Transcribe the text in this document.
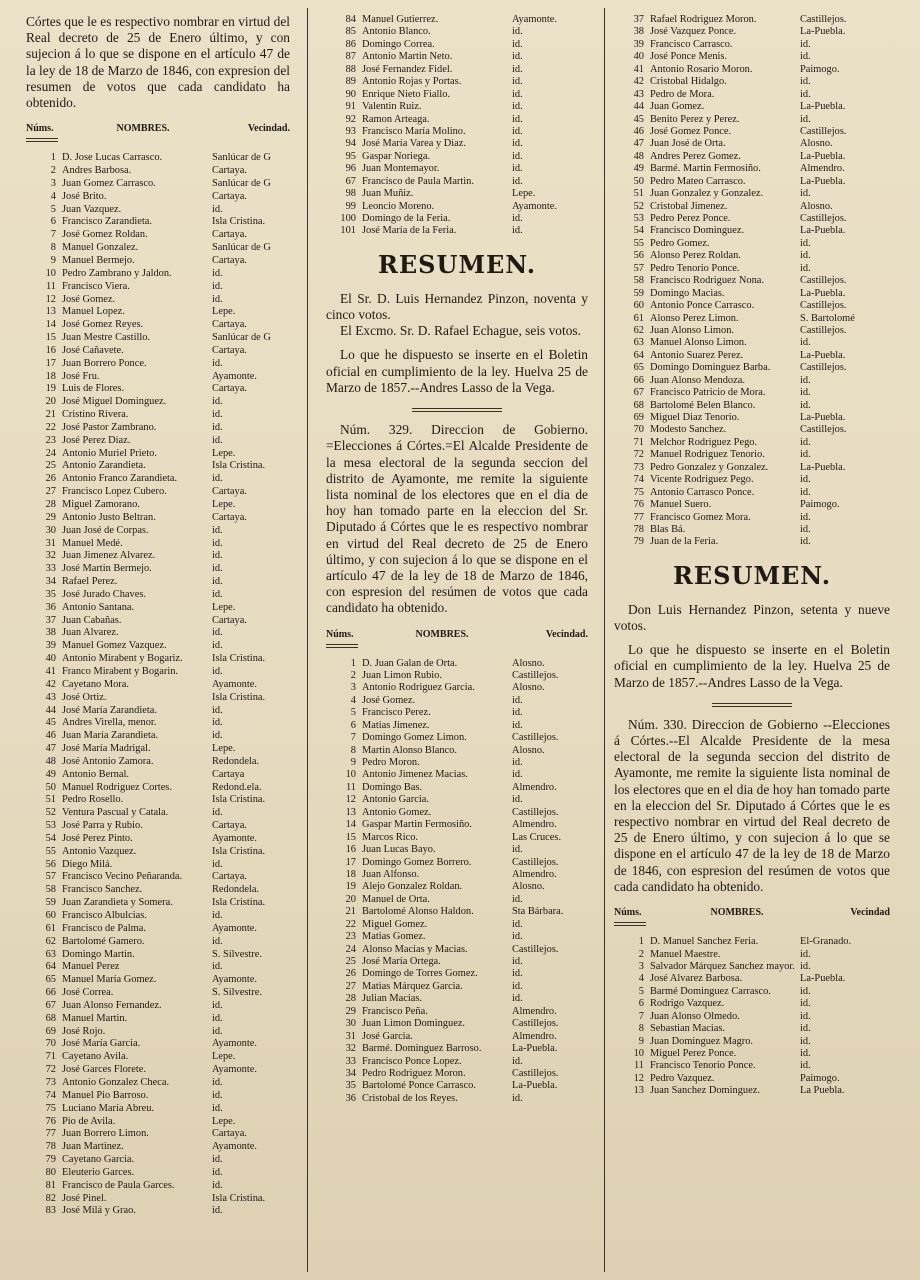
Córtes que le es respectivo nombrar en virtud del Real decreto de 25 de Enero último, y con sujecion á lo que se dispone en el artículo 47 de la ley de 18 de Marzo de 1846, con expresion del resumen de votos que cada candidato ha obtenido.

Núms.	NOMBRES.	Vecindad.
1 D. Jose Lucas Carrasco.	Sanlúcar de G
2 Andres Barbosa.	Cartaya.
3 Juan Gomez Carrasco.	Sanlúcar de G
4 José Brito.	Cartaya.
5 Juan Vazquez.	id.
6 Francisco Zarandieta.	Isla Cristina.
7 José Gomez Roldan.	Cartaya.
8 Manuel Gonzalez.	Sanlúcar de G
9 Manuel Bermejo.	Cartaya.
10 Pedro Zambrano y Jaldon.	id.
11 Francisco Viera.	id.
12 José Gomez.	id.
13 Manuel Lopez.	Lepe.
14 José Gomez Reyes.	Cartaya.
15 Juan Mestre Castillo.	Sanlúcar de G
16 José Cañavete.	Cartaya.
17 Juan Borrero Ponce.	id.
18 José Fru.	Ayamonte.
19 Luis de Flores.	Cartaya.
20 José Miguel Dominguez.	id.
21 Cristino Rivera.	id.
22 José Pastor Zambrano.	id.
23 José Perez Diaz.	id.
24 Antonio Muriel Prieto.	Lepe.
25 Antonio Zarandieta.	Isla Cristina.
26 Antonio Franco Zarandieta.	id.
27 Francisco Lopez Cubero.	Cartaya.
28 Miguel Zamorano.	Lepe.
29 Antonio Justo Beltran.	Cartaya.
30 Juan José de Corpas.	id.
31 Manuel Medé.	id.
32 Juan Jimenez Alvarez.	id.
33 José Martin Bermejo.	id.
34 Rafael Perez.	id.
35 José Jurado Chaves.	id.
36 Antonio Santana.	Lepe.
37 Juan Cabañas.	Cartaya.
38 Juan Alvarez.	id.
39 Manuel Gomez Vazquez.	id.
40 Antonio Mirabent y Bogariz.	Isla Cristina.
41 Franco Mirabent y Bogarin.	id.
42 Cayetano Mora.	Ayamonte.
43 José Ortiz.	Isla Cristina.
44 José María Zarandieta.	id.
45 Andres Virella, menor.	id.
46 Juan María Zarandieta.	id.
47 José María Madrigal.	Lepe.
48 José Antonio Zamora.	Redondela.
49 Antonio Bernal.	Cartaya
50 Manuel Rodriguez Cortes.	Redond.ela.
51 Pedro Rosello.	Isla Cristina.
52 Ventura Pascual y Catala.	id.
53 José Parra y Rubio.	Cartaya.
54 José Perez Pinto.	Ayamonte.
55 Antonio Vazquez.	Isla Cristina.
56 Diego Milá.	id.
57 Francisco Vecino Peñaranda.	Cartaya.
58 Francisco Sanchez.	Redondela.
59 Juan Zarandieta y Somera.	Isla Cristina.
60 Francisco Albulcias.	id.
61 Francisco de Palma.	Ayamonte.
62 Bartolomé Gamero.	id.
63 Domingo Martin.	S. Silvestre.
64 Manuel Perez	id.
65 Manuel María Gomez.	Ayamonte.
66 José Correa.	S. Silvestre.
67 Juan Alonso Fernandez.	id.
68 Manuel Martin.	id.
69 José Rojo.	id.
70 José María Garcia.	Ayamonte.
71 Cayetano Avila.	Lepe.
72 José Garces Florete.	Ayamonte.
73 Antonio Gonzalez Checa.	id.
74 Manuel Pio Barroso.	id.
75 Luciano María Abreu.	id.
76 Pio de Avila.	Lepe.
77 Juan Borrero Limon.	Cartaya.
78 Juan Martinez.	Ayamonte.
79 Cayetano Garcia.	id.
80 Eleuterio Garces.	id.
81 Francisco de Paula Garces.	id.
82 José Pinel.	Isla Cristina.
83 José Milá y Grao.	id.
84 Manuel Gutierrez.	Ayamonte.
85 Antonio Blanco.	id.
86 Domingo Correa.	id.
87 Antonio Martin Neto.	id.
88 José Fernandez Fidel.	id.
89 Antonio Rojas y Portas.	id.
90 Enrique Nieto Fiallo.	id.
91 Valentin Ruiz.	id.
92 Ramon Arteaga.	id.
93 Francisco María Molino.	id.
94 José María Varea y Diaz.	id.
95 Gaspar Noriega.	id.
96 Juan Montemayor.	id.
67 Francisco de Paula Martin.	id.
98 Juan Muñiz.	Lepe.
99 Leoncio Moreno.	Ayamonte.
100 Domingo de la Feria.	id.
101 José María de la Feria.	id.
RESUMEN.

El Sr. D. Luis Hernandez Pinzon, noventa y cinco votos.

El Excmo. Sr. D. Rafael Echague, seis votos.

Lo que he dispuesto se inserte en el Boletin oficial en cumplimiento de la ley. Huelva 25 de Marzo de 1857.--Andres Lasso de la Vega.

Núm. 329. Direccion de Gobierno. =Elecciones á Córtes.=El Alcalde Presidente de la mesa electoral de la segunda seccion del distrito de Ayamonte, me remite la siguiente lista nominal de los electores que en el dia de hoy han tomado parte en la eleccion del Sr. Diputado á Córtes que le es respectivo nombrar en virtud del Real decreto de 25 de Enero último, y con sujecion á lo que se dispone en el artículo 47 de la ley de 18 de Marzo de 1846, con espresion del resúmen de votos que cada candidato ha obtenido.

Núms.	NOMBRES.	Vecindad.
1 D. Juan Galan de Orta.	Alosno.
2 Juan Limon Rubio.	Castillejos.
3 Antonio Rodriguez Garcia.	Alosno.
4 José Gomez.	id.
5 Francisco Perez.	id.
6 Matias Jimenez.	id.
7 Domingo Gomez Limon.	Castillejos.
8 Martin Alonso Blanco.	Alosno.
9 Pedro Moron.	id.
10 Antonio Jimenez Macias.	id.
11 Domingo Bas.	Almendro.
12 Antonio Garcia.	id.
13 Antonio Gomez.	Castillejos.
14 Gaspar Martin Fermosiño.	Almendro.
15 Marcos Rico.	Las Cruces.
16 Juan Lucas Bayo.	id.
17 Domingo Gomez Borrero.	Castillejos.
18 Juan Alfonso.	Almendro.
19 Alejo Gonzalez Roldan.	Alosno.
20 Manuel de Orta.	id.
21 Bartolomé Alonso Haldon.	Sta Bárbara.
22 Miguel Gomez.	id.
23 Matias Gomez.	id.
24 Alonso Macias y Macias.	Castillejos.
25 José María Ortega.	id.
26 Domingo de Torres Gomez.	id.
27 Matias Márquez Garcia.	id.
28 Julian Macias.	id.
29 Francisco Peña.	Almendro.
30 Juan Limon Dominguez.	Castillejos.
31 José Garcia.	Almendro.
32 Barmé. Dominguez Barroso.	La-Puebla.
33 Francisco Ponce Lopez.	id.
34 Pedro Rodriguez Moron.	Castillejos.
35 Bartolomé Ponce Carrasco.	La-Puebla.
36 Cristobal de los Reyes.	id.
37 Rafael Rodriguez Moron.	Castillejos.
38 José Vazquez Ponce.	La-Puebla.
39 Francisco Carrasco.	id.
40 José Ponce Menis.	id.
41 Antonio Rosario Moron.	Paimogo.
42 Cristobal Hidalgo.	id.
43 Pedro de Mora.	id.
44 Juan Gomez.	La-Puebla.
45 Benito Perez y Perez.	id.
46 José Gomez Ponce.	Castillejos.
47 Juan José de Orta.	Alosno.
48 Andres Perez Gomez.	La-Puebla.
49 Barmé. Martin Fermosiño.	Almendro.
50 Pedro Mateo Carrasco.	La-Puebla.
51 Juan Gonzalez y Gonzalez.	id.
52 Cristobal Jimenez.	Alosno.
53 Pedro Perez Ponce.	Castillejos.
54 Francisco Dominguez.	La-Puebla.
55 Pedro Gomez.	id.
56 Alonso Perez Roldan.	id.
57 Pedro Tenorio Ponce.	id.
58 Francisco Rodriguez Nona.	Castillejos.
59 Domingo Macias.	La-Puebla.
60 Antonio Ponce Carrasco.	Castillejos.
61 Alonso Perez Limon.	S. Bartolomé
62 Juan Alonso Limon.	Castillejos.
63 Manuel Alonso Limon.	id.
64 Antonio Suarez Perez.	La-Puebla.
65 Domingo Dominguez Barba.	Castillejos.
66 Juan Alonso Mendoza.	id.
67 Francisco Patricio de Mora.	id.
68 Bartolomé Belen Blanco.	id.
69 Miguel Diaz Tenorio.	La-Puebla.
70 Modesto Sanchez.	Castillejos.
71 Melchor Rodriguez Pego.	id.
72 Manuel Rodriguez Tenorio.	id.
73 Pedro Gonzalez y Gonzalez.	La-Puebla.
74 Vicente Rodriguez Pego.	id.
75 Antonio Carrasco Ponce.	id.
76 Manuel Suero.	Paimogo.
77 Francisco Gomez Mora.	id.
78 Blas Bá.	id.
79 Juan de la Feria.	id.
RESUMEN.

Don Luis Hernandez Pinzon, setenta y nueve votos.

Lo que he dispuesto se inserte en el Boletin oficial en cumplimiento de la ley. Huelva 25 de Marzo de 1857.--Andres Lasso de la Vega.

Núm. 330. Direccion de Gobierno --Elecciones á Córtes.--El Alcalde Presidente de la mesa electoral de la segunda seccion del distrito de Ayamonte, me remite la siguiente lista nominal de los electores que en el dia de hoy han tomado parte en la eleccion del Sr. Diputado á Córtes que le es respectivo nombrar en virtud del Real decreto de 25 de Enero último, y con sujecion á lo que se dispone en el artículo 47 de la ley de 18 de Marzo de 1846, con espresion del resúmen de votos que cada candidato ha obtenido.

Núms.	NOMBRES.	Vecindad
1 D. Manuel Sanchez Feria.	El-Granado.
2 Manuel Maestre.	id.
3 Salvador Márquez Sanchez mayor. id.
4 José Alvarez Barbosa.	La-Puebla.
5 Barmé Dominguez Carrasco.	id.
6 Rodrigo Vazquez.	id.
7 Juan Alonso Olmedo.	id.
8 Sebastian Macias.	id.
9 Juan Dominguez Magro.	id.
10 Miguel Perez Ponce.	id.
11 Francisco Tenorio Ponce.	id.
12 Pedro Vazquez.	Paimogo.
13 Juan Sanchez Dominguez.	La Puebla.
